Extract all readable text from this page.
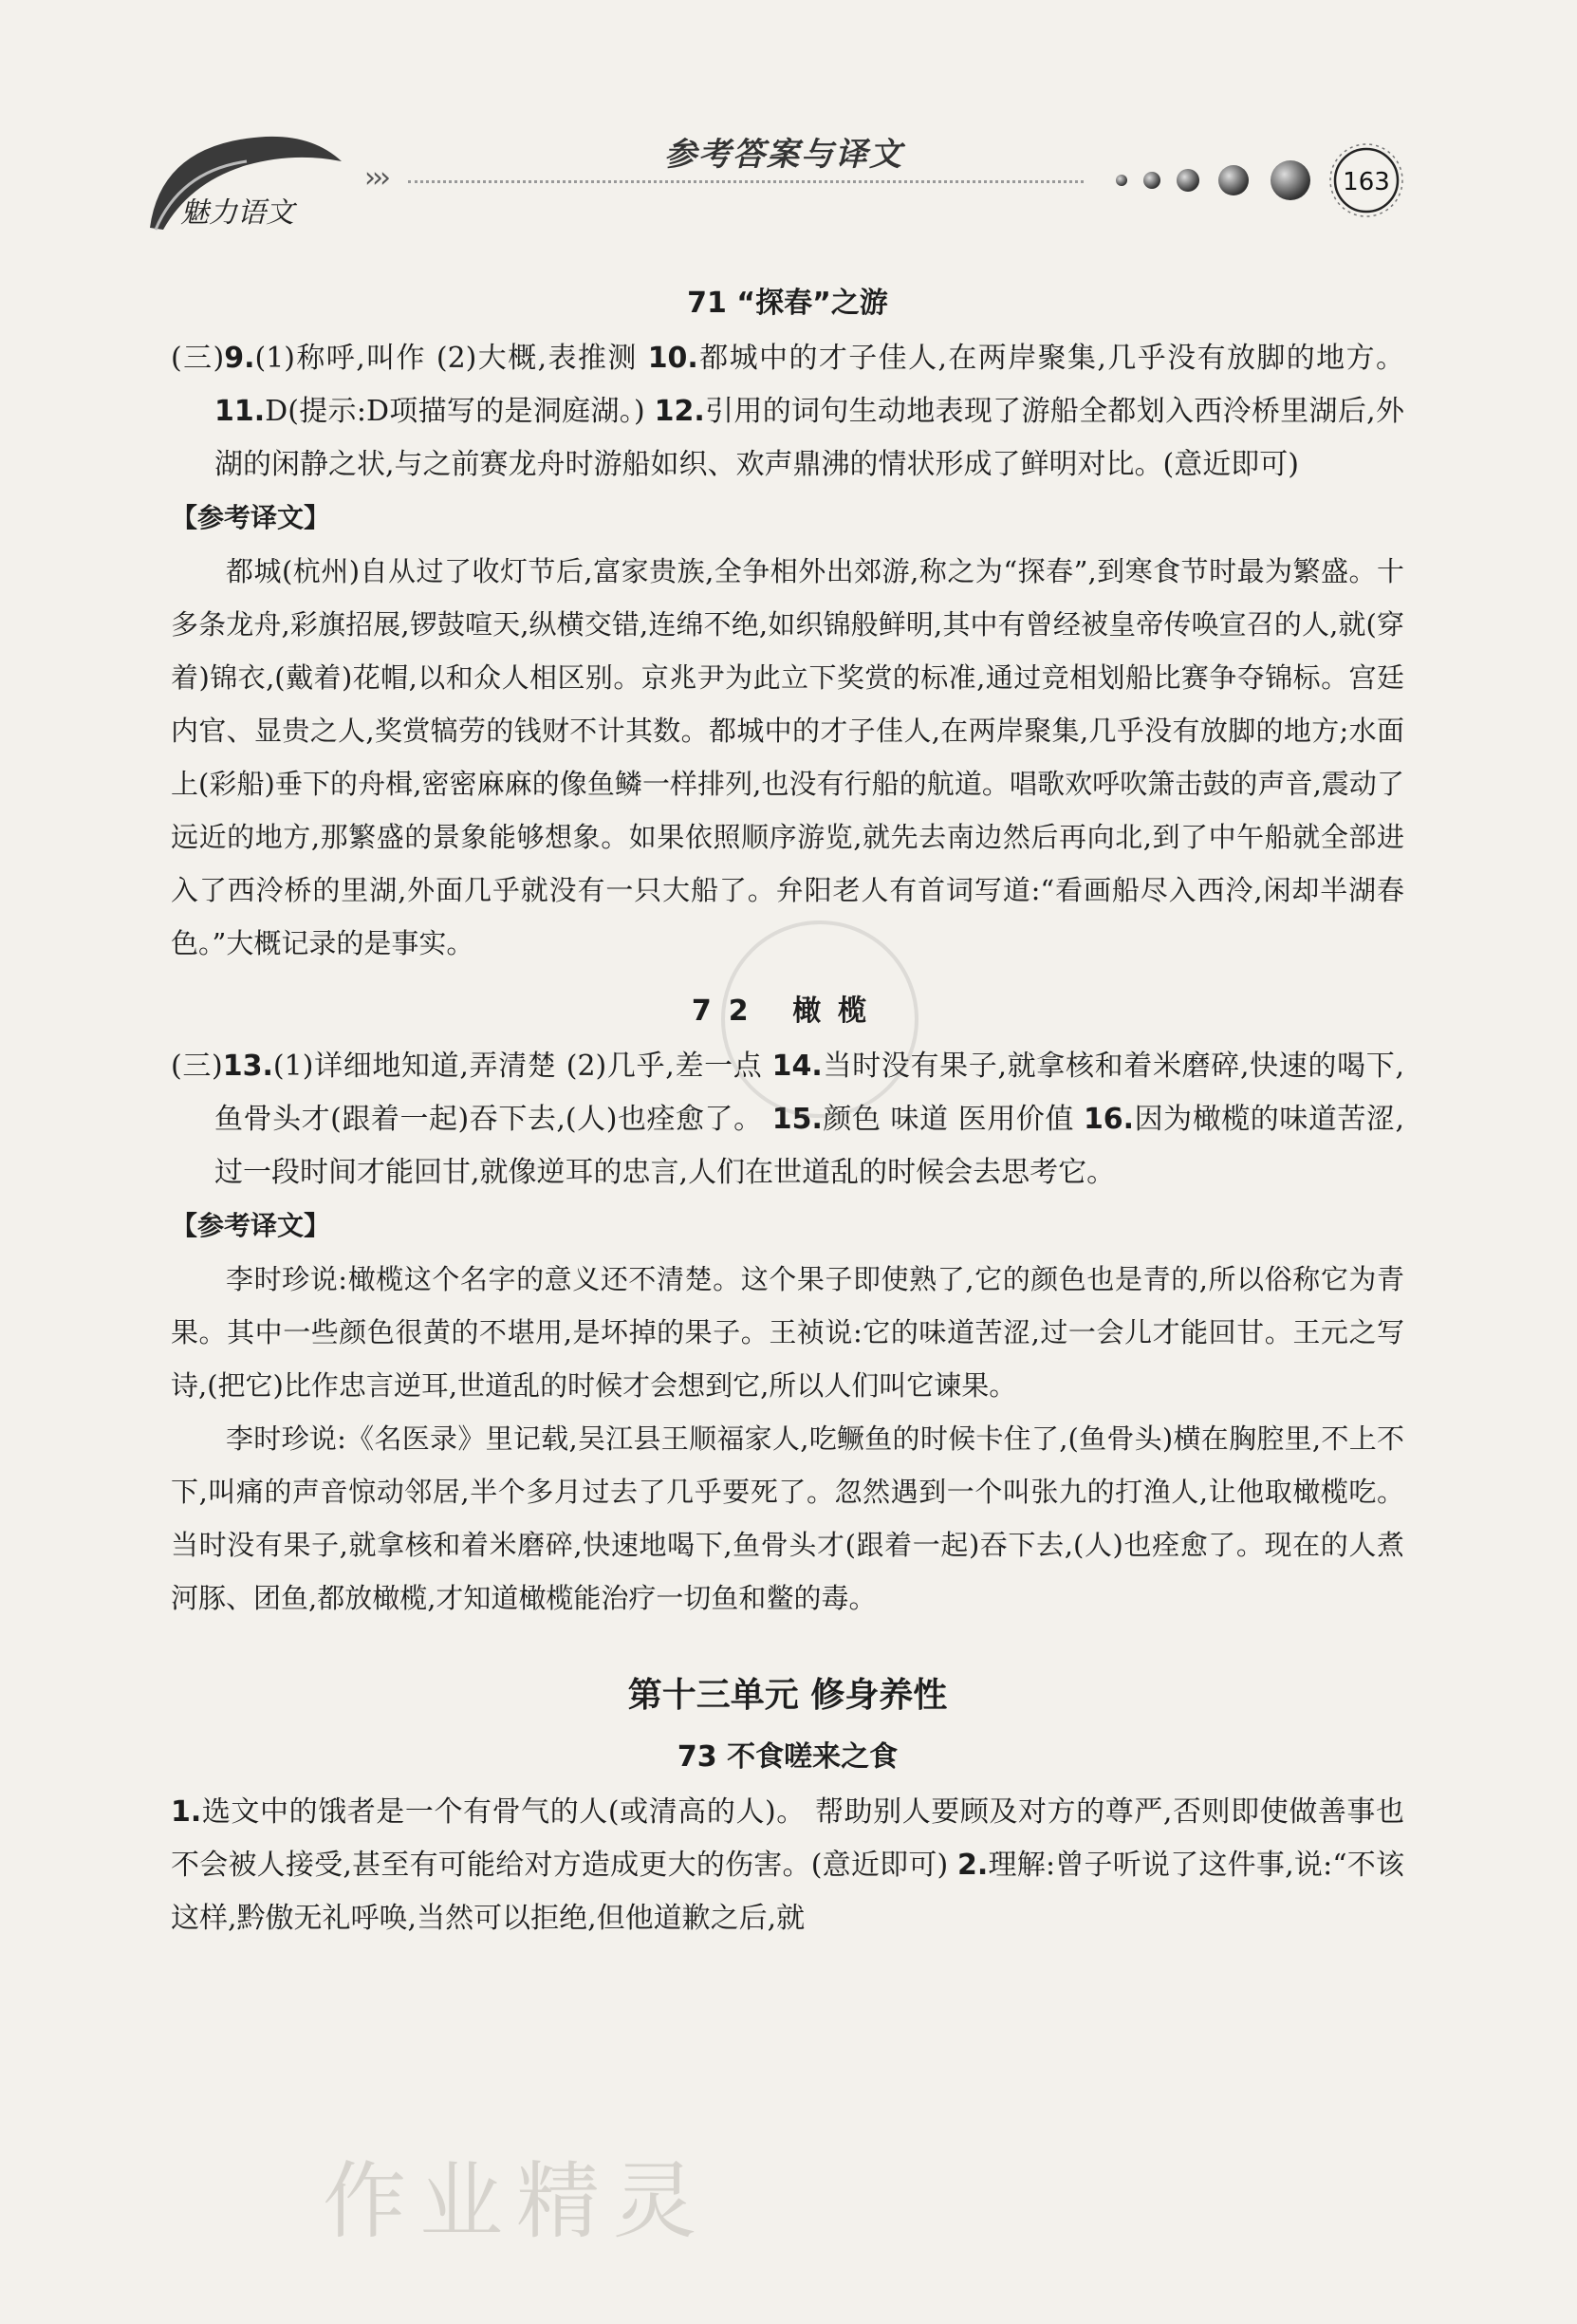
魅力语文
›››
参考答案与译文
163
71 “探春”之游

(三)9.(1)称呼,叫作 (2)大概,表推测 10.都城中的才子佳人,在两岸聚集,几乎没有放脚的地方。 11.D(提示:D项描写的是洞庭湖。) 12.引用的词句生动地表现了游船全都划入西泠桥里湖后,外湖的闲静之状,与之前赛龙舟时游船如织、欢声鼎沸的情状形成了鲜明对比。(意近即可)

【参考译文】

都城(杭州)自从过了收灯节后,富家贵族,全争相外出郊游,称之为“探春”,到寒食节时最为繁盛。十多条龙舟,彩旗招展,锣鼓喧天,纵横交错,连绵不绝,如织锦般鲜明,其中有曾经被皇帝传唤宣召的人,就(穿着)锦衣,(戴着)花帽,以和众人相区别。京兆尹为此立下奖赏的标准,通过竞相划船比赛争夺锦标。宫廷内官、显贵之人,奖赏犒劳的钱财不计其数。都城中的才子佳人,在两岸聚集,几乎没有放脚的地方;水面上(彩船)垂下的舟楫,密密麻麻的像鱼鳞一样排列,也没有行船的航道。唱歌欢呼吹箫击鼓的声音,震动了远近的地方,那繁盛的景象能够想象。如果依照顺序游览,就先去南边然后再向北,到了中午船就全部进入了西泠桥的里湖,外面几乎就没有一只大船了。弁阳老人有首词写道:“看画船尽入西泠,闲却半湖春色。”大概记录的是事实。

72 橄榄

(三)13.(1)详细地知道,弄清楚 (2)几乎,差一点 14.当时没有果子,就拿核和着米磨碎,快速的喝下,鱼骨头才(跟着一起)吞下去,(人)也痊愈了。 15.颜色 味道 医用价值 16.因为橄榄的味道苦涩,过一段时间才能回甘,就像逆耳的忠言,人们在世道乱的时候会去思考它。

【参考译文】

李时珍说:橄榄这个名字的意义还不清楚。这个果子即使熟了,它的颜色也是青的,所以俗称它为青果。其中一些颜色很黄的不堪用,是坏掉的果子。王祯说:它的味道苦涩,过一会儿才能回甘。王元之写诗,(把它)比作忠言逆耳,世道乱的时候才会想到它,所以人们叫它谏果。

李时珍说:《名医录》里记载,吴江县王顺福家人,吃鳜鱼的时候卡住了,(鱼骨头)横在胸腔里,不上不下,叫痛的声音惊动邻居,半个多月过去了几乎要死了。忽然遇到一个叫张九的打渔人,让他取橄榄吃。当时没有果子,就拿核和着米磨碎,快速地喝下,鱼骨头才(跟着一起)吞下去,(人)也痊愈了。现在的人煮河豚、团鱼,都放橄榄,才知道橄榄能治疗一切鱼和鳖的毒。

第十三单元 修身养性
73 不食嗟来之食

1.选文中的饿者是一个有骨气的人(或清高的人)。 帮助别人要顾及对方的尊严,否则即使做善事也不会被人接受,甚至有可能给对方造成更大的伤害。(意近即可) 2.理解:曾子听说了这件事,说:“不该这样,黔傲无礼呼唤,当然可以拒绝,但他道歉之后,就

作业精灵
